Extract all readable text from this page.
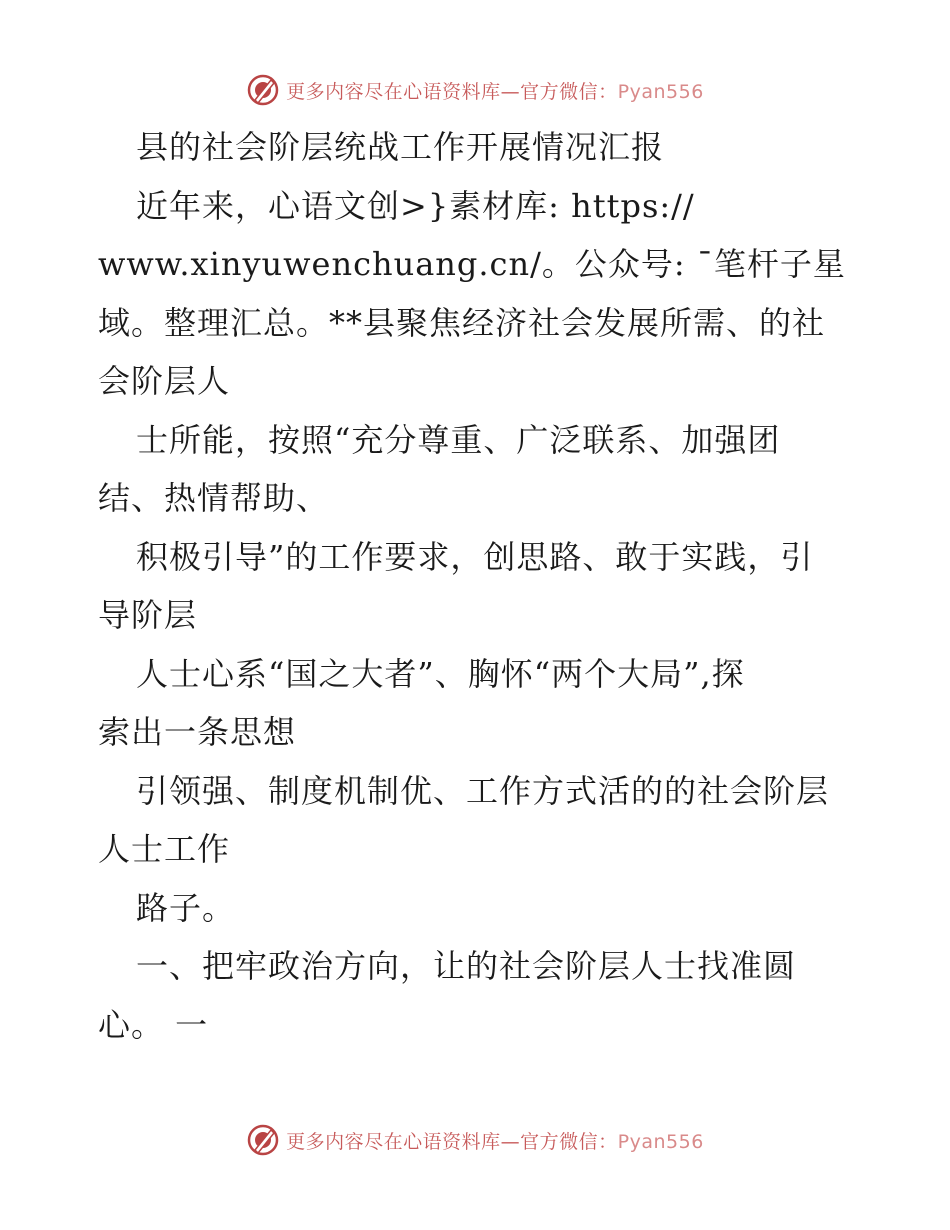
更多内容尽在心语资料库—官方微信：Pyan556
县的社会阶层统战工作开展情况汇报
近年来，心语文创>}素材库: https://
www.xinyuwenchuang.cn/。公众号: ¯笔杆子星
域。整理汇总。**县聚焦经济社会发展所需、的社
会阶层人
士所能，按照“充分尊重、广泛联系、加强团
结、热情帮助、
积极引导”的工作要求，创思路、敢于实践，引
导阶层
人士心系“国之大者”、胸怀“两个大局”,探
索出一条思想
引领强、制度机制优、工作方式活的的社会阶层
人士工作
路子。
一、把牢政治方向，让的社会阶层人士找准圆
心。 一
更多内容尽在心语资料库—官方微信：Pyan556
